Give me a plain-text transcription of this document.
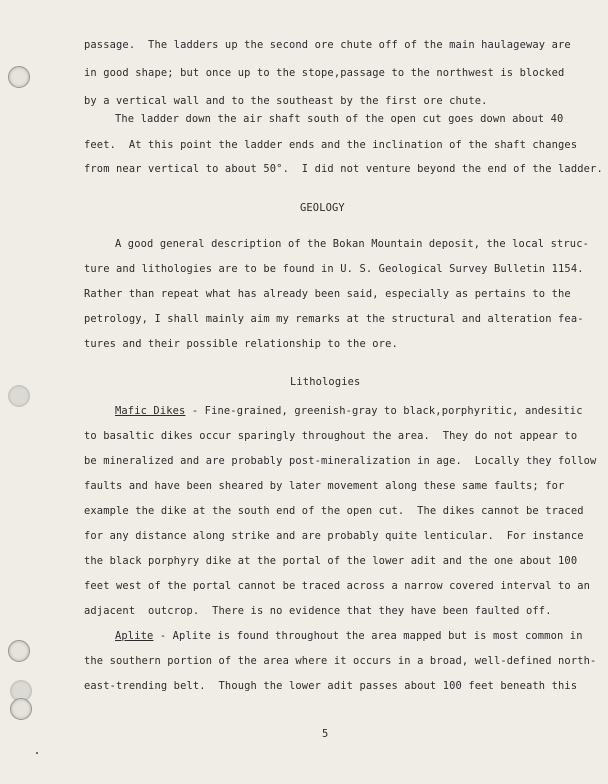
passage.  The ladders up the second ore chute off of the main haulageway are
in good shape; but once up to the stope,passage to the northwest is blocked
by a vertical wall and to the southeast by the first ore chute.
The ladder down the air shaft south of the open cut goes down about 40
feet.  At this point the ladder ends and the inclination of the shaft changes
from near vertical to about 50°.  I did not venture beyond the end of the ladder.
GEOLOGY
A good general description of the Bokan Mountain deposit, the local struc-
ture and lithologies are to be found in U. S. Geological Survey Bulletin 1154.
Rather than repeat what has already been said, especially as pertains to the
petrology, I shall mainly aim my remarks at the structural and alteration fea-
tures and their possible relationship to the ore.
Lithologies
Mafic Dikes - Fine-grained, greenish-gray to black,porphyritic, andesitic
to basaltic dikes occur sparingly throughout the area.  They do not appear to
be mineralized and are probably post-mineralization in age.  Locally they follow
faults and have been sheared by later movement along these same faults; for
example the dike at the south end of the open cut.  The dikes cannot be traced
for any distance along strike and are probably quite lenticular.  For instance
the black porphyry dike at the portal of the lower adit and the one about 100
feet west of the portal cannot be traced across a narrow covered interval to an
adjacent  outcrop.  There is no evidence that they have been faulted off.
Aplite - Aplite is found throughout the area mapped but is most common in
the southern portion of the area where it occurs in a broad, well-defined north-
east-trending belt.  Though the lower adit passes about 100 feet beneath this
5
